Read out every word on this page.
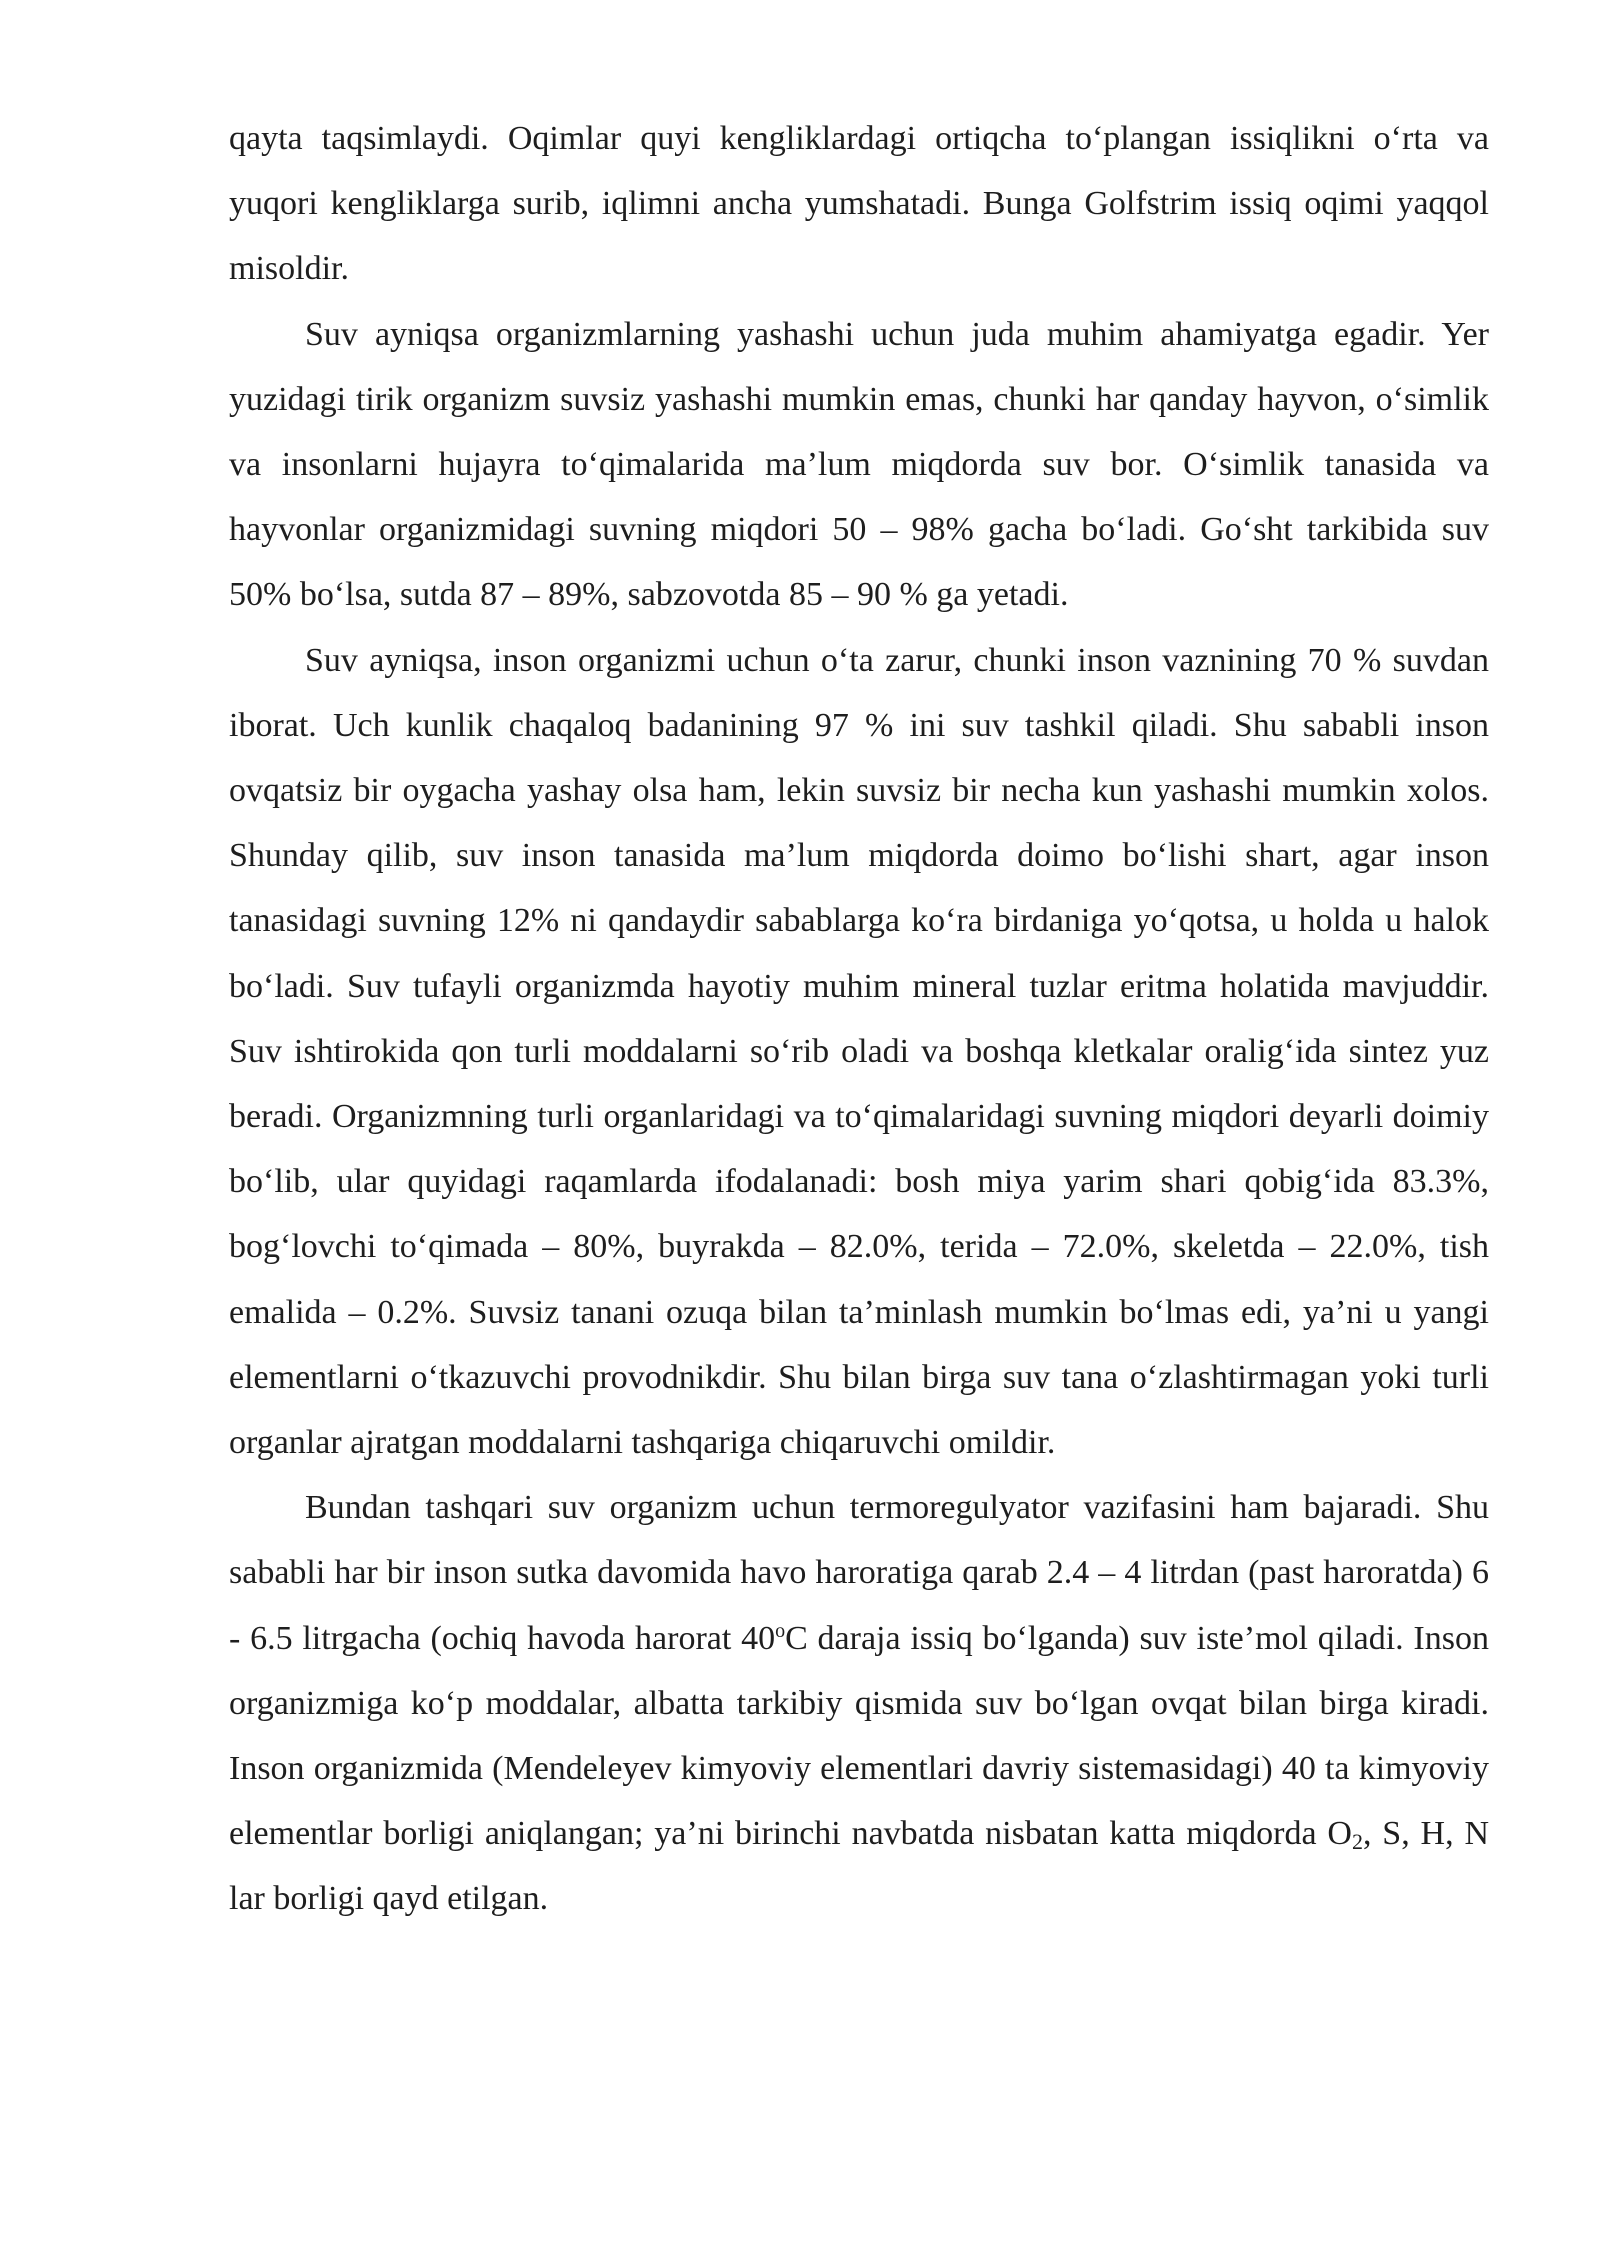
qayta taqsimlaydi. Oqimlar quyi kengliklardagi ortiqcha to‘plangan issiqlikni o‘rta va yuqori kengliklarga surib, iqlimni ancha yumshatadi. Bunga Golfstrim issiq oqimi yaqqol misoldir.

Suv ayniqsa organizmlarning yashashi uchun juda muhim ahamiyatga egadir. Yer yuzidagi tirik organizm suvsiz yashashi mumkin emas, chunki har qanday hayvon, o‘simlik va insonlarni hujayra to‘qimalarida ma’lum miqdorda suv bor. O‘simlik tanasida va hayvonlar organizmidagi suvning miqdori 50 – 98% gacha bo‘ladi. Go‘sht tarkibida suv 50% bo‘lsa, sutda 87 – 89%, sabzovotda 85 – 90 % ga yetadi.

Suv ayniqsa, inson organizmi uchun o‘ta zarur, chunki inson vaznining 70 % suvdan iborat. Uch kunlik chaqaloq badanining 97 % ini suv tashkil qiladi. Shu sababli inson ovqatsiz bir oygacha yashay olsa ham, lekin suvsiz bir necha kun yashashi mumkin xolos. Shunday qilib, suv inson tanasida ma’lum miqdorda doimo bo‘lishi shart, agar inson tanasidagi suvning 12% ni qandaydir sabablarga ko‘ra birdaniga yo‘qotsa, u holda u halok bo‘ladi. Suv tufayli organizmda hayotiy muhim mineral tuzlar eritma holatida mavjuddir. Suv ishtirokida qon turli moddalarni so‘rib oladi va boshqa kletkalar oralig‘ida sintez yuz beradi. Organizmning turli organlaridagi va to‘qimalaridagi suvning miqdori deyarli doimiy bo‘lib, ular quyidagi raqamlarda ifodalanadi: bosh miya yarim shari qobig‘ida 83.3%, bog‘lovchi to‘qimada – 80%, buyrakda – 82.0%, terida – 72.0%, skeletda – 22.0%, tish emalida – 0.2%. Suvsiz tanani ozuqa bilan ta’minlash mumkin bo‘lmas edi, ya’ni u yangi elementlarni o‘tkazuvchi provodnikdir. Shu bilan birga suv tana o‘zlashtirmagan yoki turli organlar ajratgan moddalarni tashqariga chiqaruvchi omildir.

Bundan tashqari suv organizm uchun termoregulyator vazifasini ham bajaradi. Shu sababli har bir inson sutka davomida havo haroratiga qarab 2.4 – 4 litrdan (past haroratda) 6 - 6.5 litrgacha (ochiq havoda harorat 40$^o$C daraja issiq bo‘lganda) suv iste’mol qiladi. Inson organizmiga ko‘p moddalar, albatta tarkibiy qismida suv bo‘lgan ovqat bilan birga kiradi. Inson organizmida (Mendeleyev kimyoviy elementlari davriy sistemasidagi) 40 ta kimyoviy elementlar borligi aniqlangan; ya’ni birinchi navbatda nisbatan katta miqdorda $O_2$, S, H, N lar borligi qayd etilgan.
